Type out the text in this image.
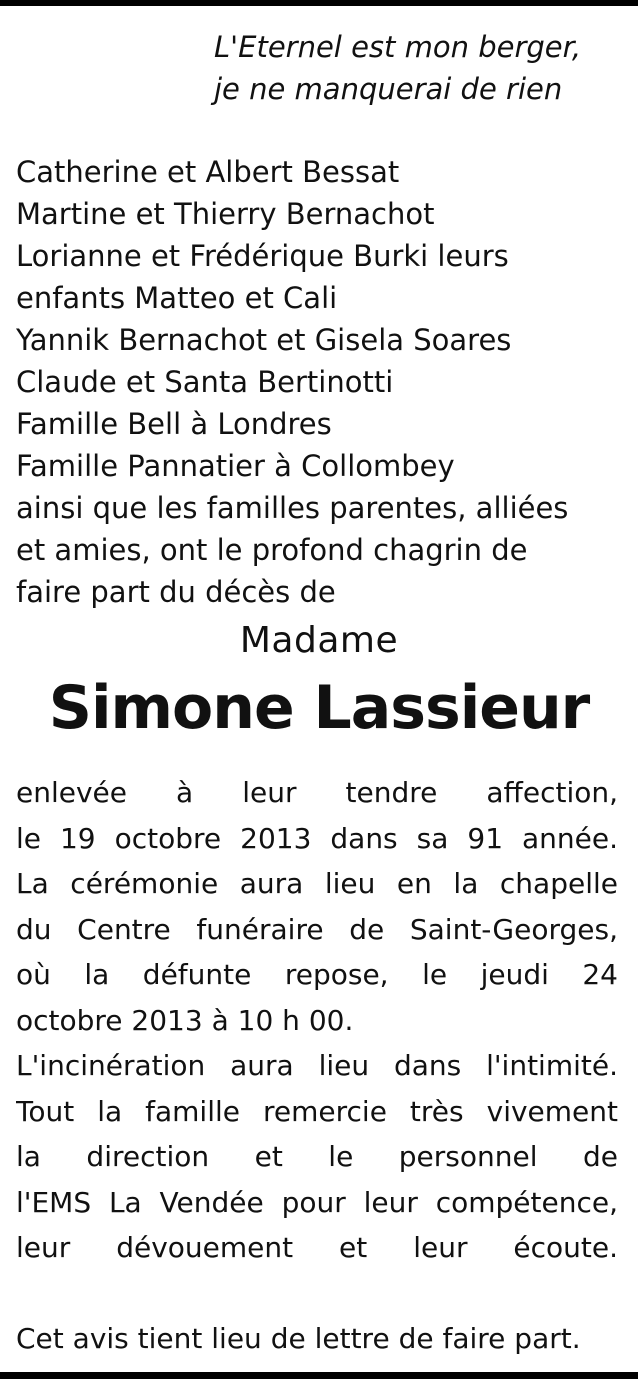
L'Eternel est mon berger,
je ne manquerai de rien
Catherine et Albert Bessat
Martine et Thierry Bernachot
Lorianne et Frédérique Burki leurs
enfants Matteo et Cali
Yannik Bernachot et Gisela Soares
Claude et Santa Bertinotti
Famille Bell à Londres
Famille Pannatier à Collombey
ainsi que les familles parentes, alliées
et amies, ont le profond chagrin de
faire part du décès de
Madame
Simone Lassieur
enlevée à leur tendre affection,
le 19 octobre 2013 dans sa 91 année.
La cérémonie aura lieu en la chapelle
du Centre funéraire de Saint-Georges,
où la défunte repose, le jeudi 24
octobre 2013 à 10 h 00.
L'incinération aura lieu dans l'intimité.
Tout la famille remercie très vivement
la direction et le personnel de
l'EMS La Vendée pour leur compétence,
leur dévouement et leur écoute.
Cet avis tient lieu de lettre de faire part.
